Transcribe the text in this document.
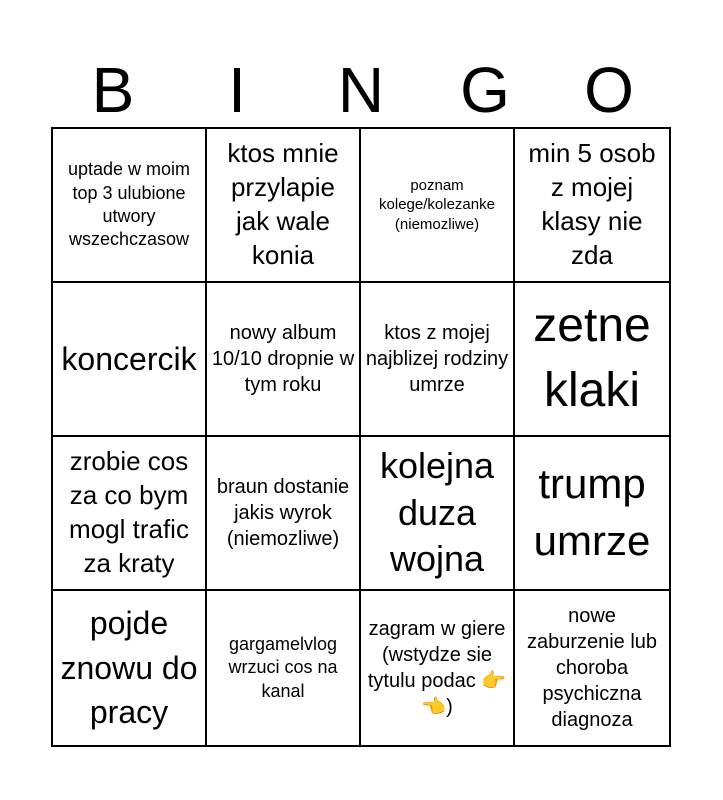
B	I	N	G	O
uptade w moim top 3 ulubione utwory wszechczasow
ktos mnie przylapie jak wale konia
poznam kolege/kolezanke (niemozliwe)
min 5 osob z mojej klasy nie zda
koncercik
nowy album 10/10 dropnie w tym roku
ktos z mojej najblizej rodziny umrze
zetne klaki
zrobie cos za co bym mogl trafic za kraty
braun dostanie jakis wyrok (niemozliwe)
kolejna duza wojna
trump umrze
pojde znowu do pracy
gargamelvlog wrzuci cos na kanal
zagram w giere (wstydze sie tytulu podac 👉👈)
nowe zaburzenie lub choroba psychiczna diagnoza
